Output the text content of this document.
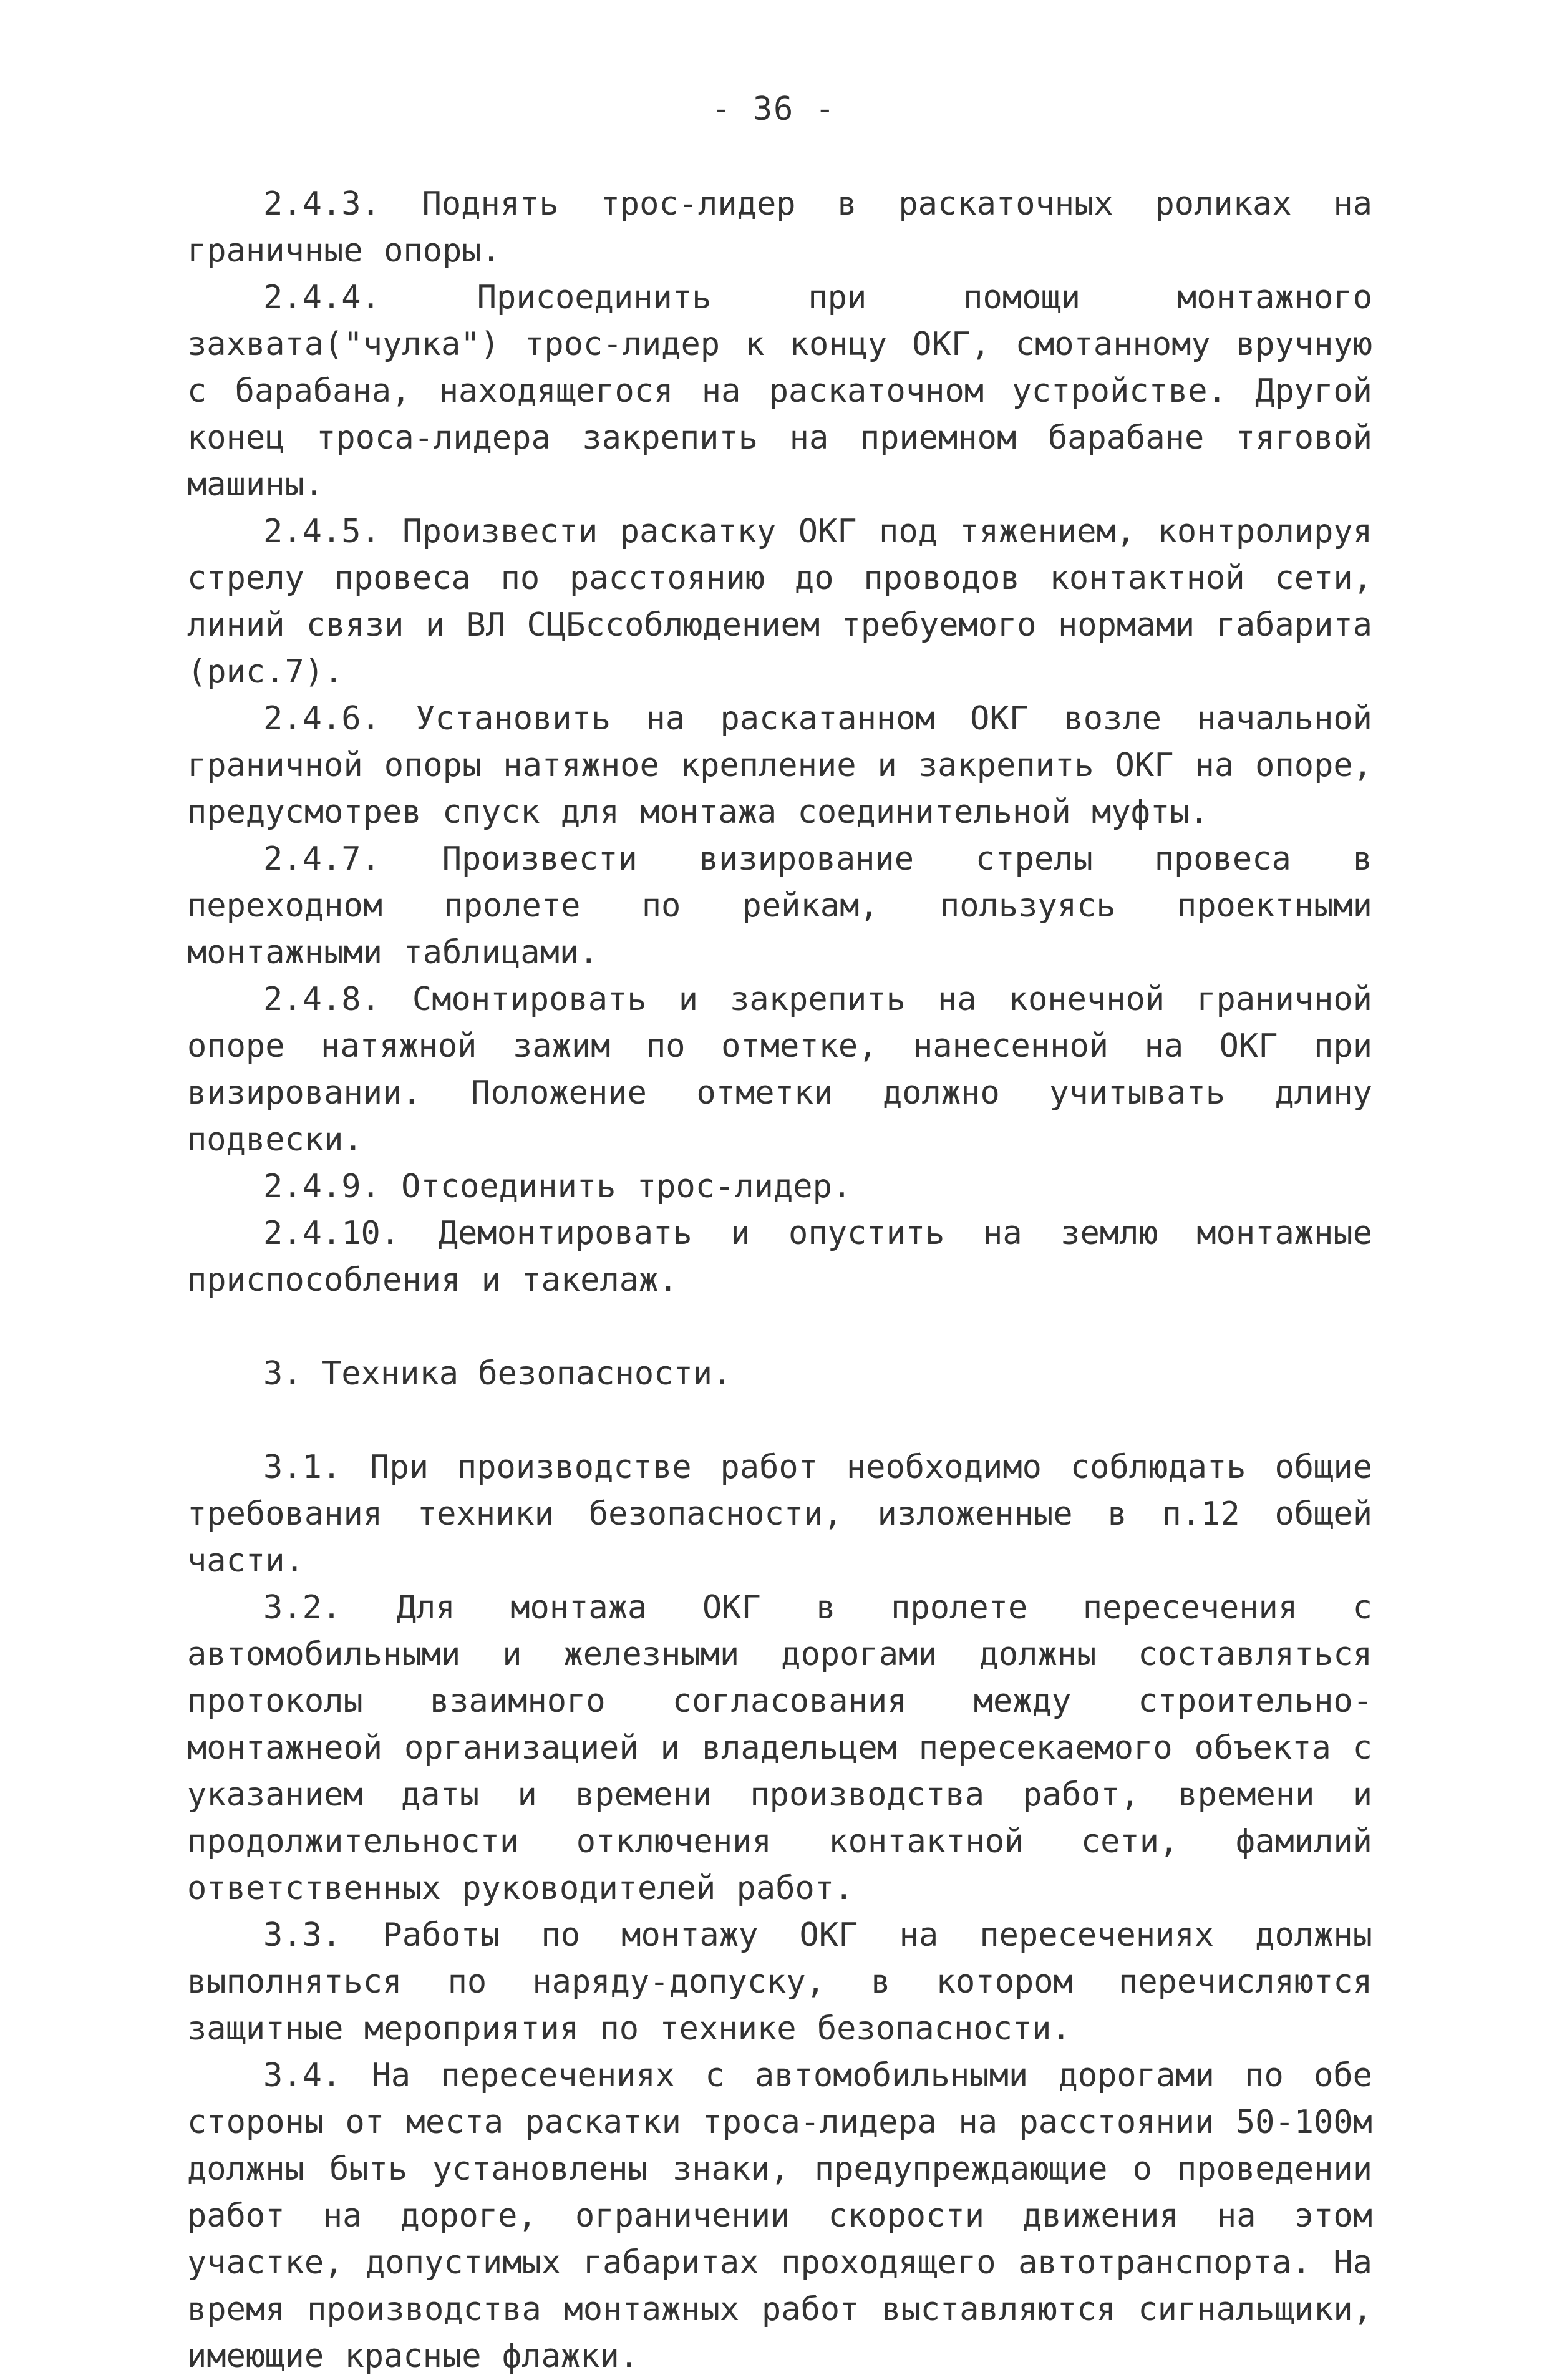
- 36 -

2.4.3. Поднять трос-лидер в раскаточных роликах на граничные опоры.

2.4.4. Присоединить при помощи монтажного захвата("чулка") трос-лидер к концу ОКГ, смотанному вручную с барабана, находящегося на раскаточном устройстве. Другой конец троса-лидера закрепить на приемном барабане тяговой машины.

2.4.5. Произвести раскатку ОКГ под тяжением, контролируя стрелу провеса по расстоянию до проводов контактной сети, линий связи и ВЛ СЦБссоблюдением требуемого нормами габарита (рис.7).

2.4.6. Установить на раскатанном ОКГ возле начальной граничной опоры натяжное крепление и закрепить ОКГ на опоре, предусмотрев спуск для монтажа соединительной муфты.

2.4.7. Произвести визирование стрелы провеса в переходном пролете по рейкам, пользуясь проектными монтажными таблицами.

2.4.8. Смонтировать и закрепить на конечной граничной опоре натяжной зажим по отметке, нанесенной на ОКГ при визировании. Положение отметки должно учитывать длину подвески.

2.4.9. Отсоединить трос-лидер.

2.4.10. Демонтировать и опустить на землю монтажные приспособления и такелаж.

3. Техника безопасности.

3.1. При производстве работ необходимо соблюдать общие требования техники безопасности, изложенные в п.12 общей части.

3.2. Для монтажа ОКГ в пролете пересечения с автомобильными и железными дорогами должны составляться протоколы взаимного согласования между строительно-монтажнеой организацией и владельцем пересекаемого объекта с указанием даты и времени производства работ, времени и продолжительности отключения контактной сети, фамилий ответственных руководителей работ.

3.3. Работы по монтажу ОКГ на пересечениях должны выполняться по наряду-допуску, в котором перечисляются защитные мероприятия по технике безопасности.

3.4. На пересечениях с автомобильными дорогами по обе стороны от места раскатки троса-лидера на расстоянии 50-100м должны быть установлены знаки, предупреждающие о проведении работ на дороге, ограничении скорости движения на этом участке, допустимых габаритах проходящего автотранспорта. На время производства монтажных работ выставляются сигнальщики, имеющие красные флажки.
